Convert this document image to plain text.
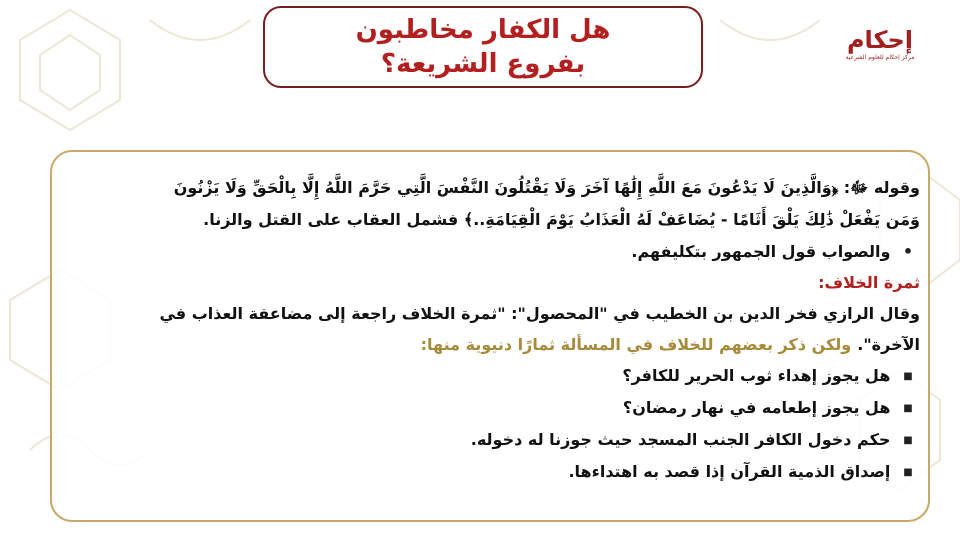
هل الكفار مخاطبون
بفروع الشريعة؟
إحكام
مركز إحكام للعلوم الشرعية
وقوله ﷻ: ﴿وَالَّذِينَ لَا يَدْعُونَ مَعَ اللَّهِ إِلَٰهًا آخَرَ وَلَا يَقْتُلُونَ النَّفْسَ الَّتِي حَرَّمَ اللَّهُ إِلَّا بِالْحَقِّ وَلَا يَزْنُونَ
وَمَن يَفْعَلْ ذَٰلِكَ يَلْقَ أَثَامًا - يُضَاعَفْ لَهُ الْعَذَابُ يَوْمَ الْقِيَامَةِ..﴾ فشمل العقاب على القتل والزنا.
• والصواب قول الجمهور بتكليفهم.
ثمرة الخلاف:
وقال الرازي فخر الدين بن الخطيب في "المحصول": "ثمرة الخلاف راجعة إلى مضاعفة العذاب في
الآخرة".ولكن ذكر بعضهم للخلاف في المسألة ثمارًا دنيوية منها:
■ هل يجوز إهداء ثوب الحرير للكافر؟
■ هل يجوز إطعامه في نهار رمضان؟
■ حكم دخول الكافر الجنب المسجد حيث جوزنا له دخوله.
■ إصداق الذمية القرآن إذا قصد به اهتداءها.
